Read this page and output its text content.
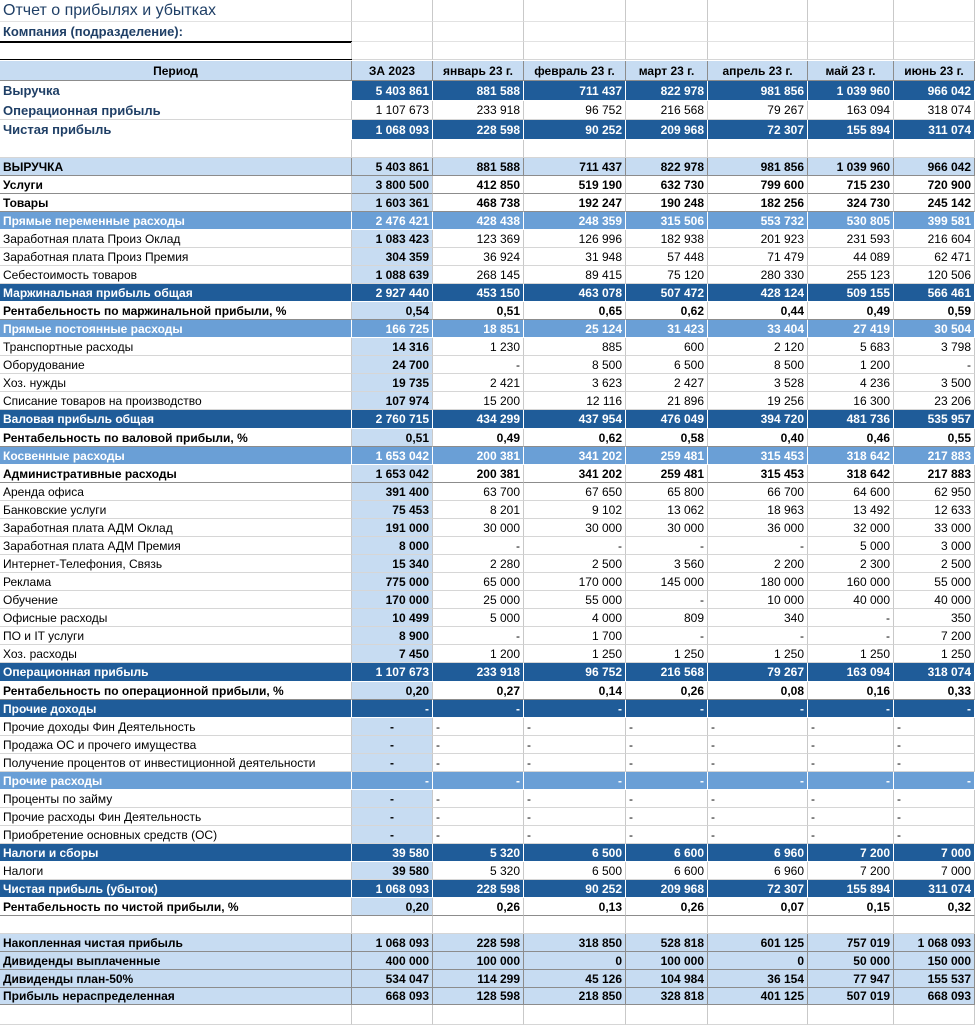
Отчет о прибылях и убытках
Компания (подразделение):
Период	ЗА 2023	январь 23 г.	февраль 23 г.	март 23 г.	апрель 23 г.	май 23 г.	июнь 23 г.
Выручка	5 403 861	881 588	711 437	822 978	981 856	1 039 960	966 042
Операционная прибыль	1 107 673	233 918	96 752	216 568	79 267	163 094	318 074
Чистая прибыль	1 068 093	228 598	90 252	209 968	72 307	155 894	311 074
ВЫРУЧКА	5 403 861	881 588	711 437	822 978	981 856	1 039 960	966 042
Услуги	3 800 500	412 850	519 190	632 730	799 600	715 230	720 900
Товары	1 603 361	468 738	192 247	190 248	182 256	324 730	245 142
Прямые переменные расходы	2 476 421	428 438	248 359	315 506	553 732	530 805	399 581
Заработная плата Произ Оклад	1 083 423	123 369	126 996	182 938	201 923	231 593	216 604
Заработная плата Произ Премия	304 359	36 924	31 948	57 448	71 479	44 089	62 471
Себестоимость товаров	1 088 639	268 145	89 415	75 120	280 330	255 123	120 506
Маржинальная прибыль общая	2 927 440	453 150	463 078	507 472	428 124	509 155	566 461
Рентабельность по маржинальной прибыли, %	0,54	0,51	0,65	0,62	0,44	0,49	0,59
Прямые постоянные расходы	166 725	18 851	25 124	31 423	33 404	27 419	30 504
Транспортные расходы	14 316	1 230	885	600	2 120	5 683	3 798
Оборудование	24 700	-	8 500	6 500	8 500	1 200	-
Хоз. нужды	19 735	2 421	3 623	2 427	3 528	4 236	3 500
Списание товаров на производство	107 974	15 200	12 116	21 896	19 256	16 300	23 206
Валовая прибыль общая	2 760 715	434 299	437 954	476 049	394 720	481 736	535 957
Рентабельность по валовой прибыли, %	0,51	0,49	0,62	0,58	0,40	0,46	0,55
Косвенные расходы	1 653 042	200 381	341 202	259 481	315 453	318 642	217 883
Административные расходы	1 653 042	200 381	341 202	259 481	315 453	318 642	217 883
Аренда офиса	391 400	63 700	67 650	65 800	66 700	64 600	62 950
Банковские услуги	75 453	8 201	9 102	13 062	18 963	13 492	12 633
Заработная плата АДМ Оклад	191 000	30 000	30 000	30 000	36 000	32 000	33 000
Заработная плата АДМ Премия	8 000	-	-	-	-	5 000	3 000
Интернет-Телефония, Связь	15 340	2 280	2 500	3 560	2 200	2 300	2 500
Реклама	775 000	65 000	170 000	145 000	180 000	160 000	55 000
Обучение	170 000	25 000	55 000	-	10 000	40 000	40 000
Офисные расходы	10 499	5 000	4 000	809	340	-	350
ПО и IT услуги	8 900	-	1 700	-	-	-	7 200
Хоз. расходы	7 450	1 200	1 250	1 250	1 250	1 250	1 250
Операционная прибыль	1 107 673	233 918	96 752	216 568	79 267	163 094	318 074
Рентабельность по операционной прибыли, %	0,20	0,27	0,14	0,26	0,08	0,16	0,33
Прочие доходы	-	-	-	-	-	-	-
Прочие доходы Фин Деятельность	-	-	-	-	-	-	-
Продажа ОС и прочего имущества	-	-	-	-	-	-	-
Получение процентов от инвестиционной деятельности	-	-	-	-	-	-	-
Прочие расходы	-	-	-	-	-	-	-
Проценты по займу	-	-	-	-	-	-	-
Прочие расходы Фин Деятельность	-	-	-	-	-	-	-
Приобретение основных средств (ОС)	-	-	-	-	-	-	-
Налоги и сборы	39 580	5 320	6 500	6 600	6 960	7 200	7 000
Налоги	39 580	5 320	6 500	6 600	6 960	7 200	7 000
Чистая прибыль (убыток)	1 068 093	228 598	90 252	209 968	72 307	155 894	311 074
Рентабельность по чистой прибыли, %	0,20	0,26	0,13	0,26	0,07	0,15	0,32
Накопленная чистая прибыль	1 068 093	228 598	318 850	528 818	601 125	757 019	1 068 093
Дивиденды выплаченные	400 000	100 000	0	100 000	0	50 000	150 000
Дивиденды план-50%	534 047	114 299	45 126	104 984	36 154	77 947	155 537
Прибыль нераспределенная	668 093	128 598	218 850	328 818	401 125	507 019	668 093
